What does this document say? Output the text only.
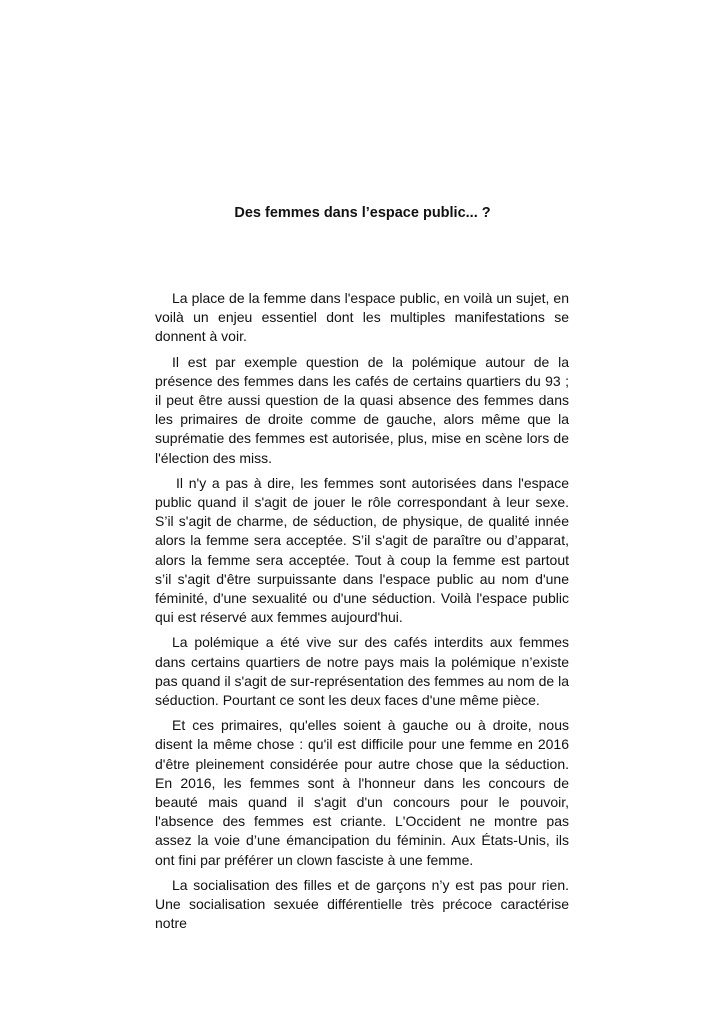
Des femmes dans l’espace public... ?

La place de la femme dans l'espace public, en voilà un sujet, en voilà un enjeu essentiel dont les multiples manifestations se donnent à voir.

Il est par exemple question de la polémique autour de la présence des femmes dans les cafés de certains quartiers du 93 ; il peut être aussi question de la quasi absence des femmes dans les primaires de droite comme de gauche, alors même que la suprématie des femmes est autorisée, plus, mise en scène lors de l'élection des miss.

Il n'y a pas à dire, les femmes sont autorisées dans l'espace public quand il s'agit de jouer le rôle correspondant à leur sexe. S’il s'agit de charme, de séduction, de physique, de qualité innée alors la femme sera acceptée. S’il s'agit de paraître ou d’apparat, alors la femme sera acceptée. Tout à coup la femme est partout s’il s'agit d'être surpuissante dans l'espace public au nom d'une féminité, d'une sexualité ou d'une séduction. Voilà l'espace public qui est réservé aux femmes aujourd'hui.

La polémique a été vive sur des cafés interdits aux femmes dans certains quartiers de notre pays mais la polémique n’existe pas quand il s'agit de sur-représentation des femmes au nom de la séduction. Pourtant ce sont les deux faces d'une même pièce.

Et ces primaires, qu'elles soient à gauche ou à droite, nous disent la même chose : qu'il est difficile pour une femme en 2016 d'être pleinement considérée pour autre chose que la séduction. En 2016, les femmes sont à l'honneur dans les concours de beauté mais quand il s'agit d'un concours pour le pouvoir, l'absence des femmes est criante. L'Occident ne montre pas assez la voie d’une émancipation du féminin. Aux États-Unis, ils ont fini par préférer un clown fasciste à une femme.

La socialisation des filles et de garçons n’y est pas pour rien. Une socialisation sexuée différentielle très précoce caractérise notre
